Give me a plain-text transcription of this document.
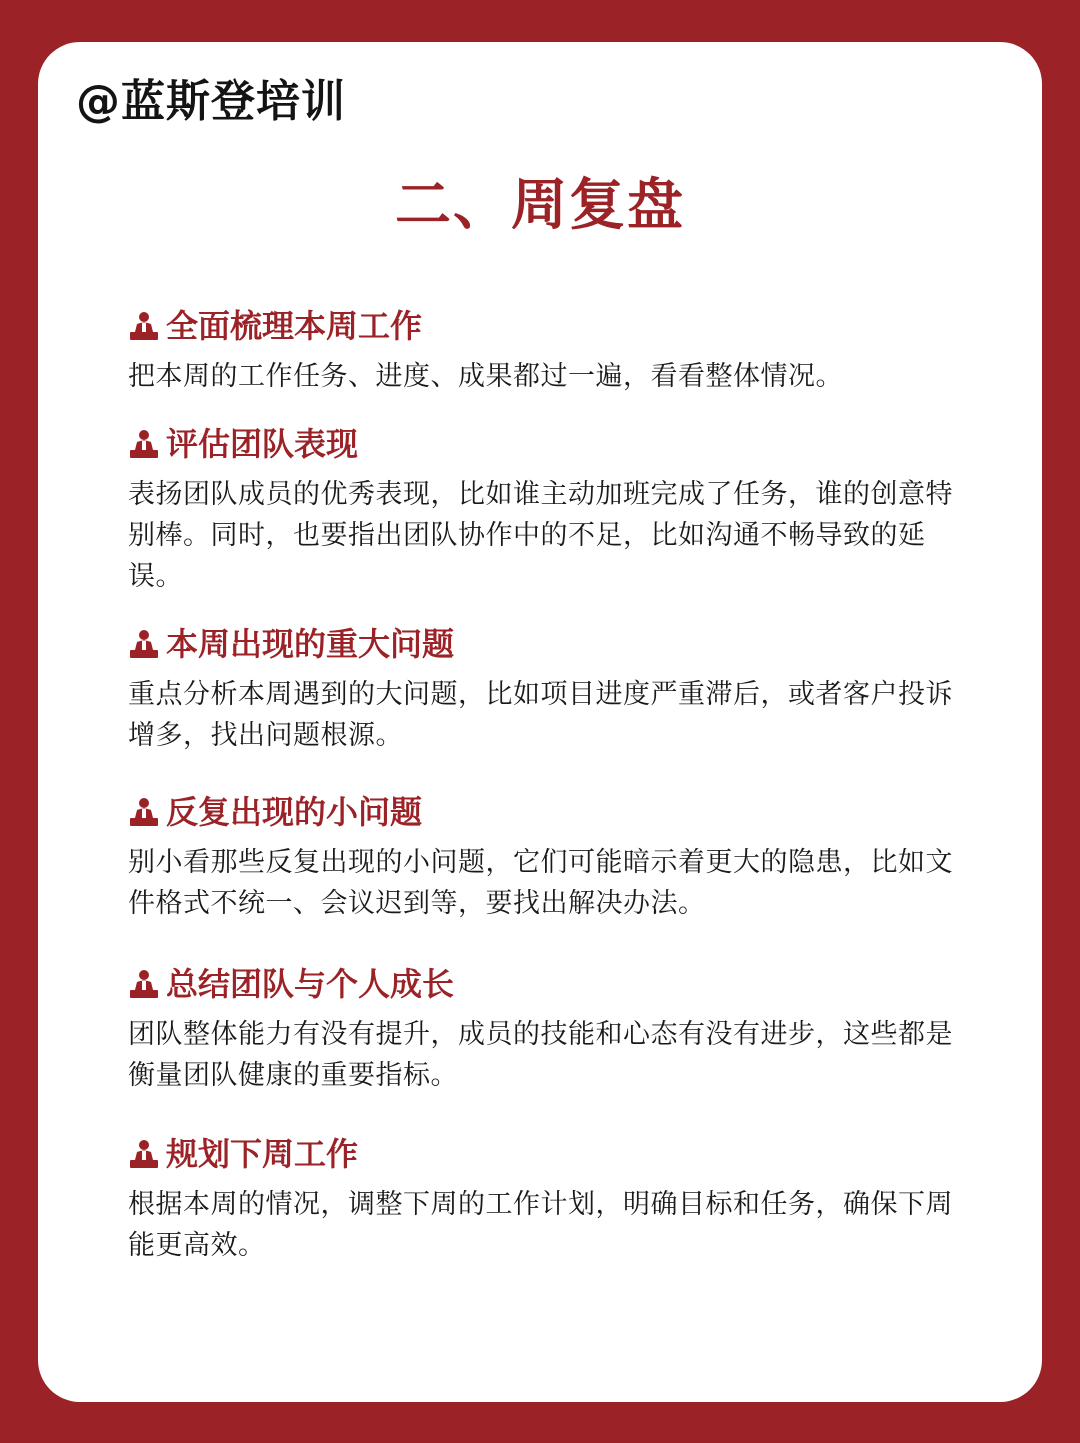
@蓝斯登培训
二、周复盘
全面梳理本周工作
把本周的工作任务、进度、成果都过一遍，看看整体情况。
评估团队表现
表扬团队成员的优秀表现，比如谁主动加班完成了任务，谁的创意特别棒。同时，也要指出团队协作中的不足，比如沟通不畅导致的延误。
本周出现的重大问题
重点分析本周遇到的大问题，比如项目进度严重滞后，或者客户投诉增多，找出问题根源。
反复出现的小问题
别小看那些反复出现的小问题，它们可能暗示着更大的隐患，比如文件格式不统一、会议迟到等，要找出解决办法。
总结团队与个人成长
团队整体能力有没有提升，成员的技能和心态有没有进步，这些都是衡量团队健康的重要指标。
规划下周工作
根据本周的情况，调整下周的工作计划，明确目标和任务，确保下周能更高效。
